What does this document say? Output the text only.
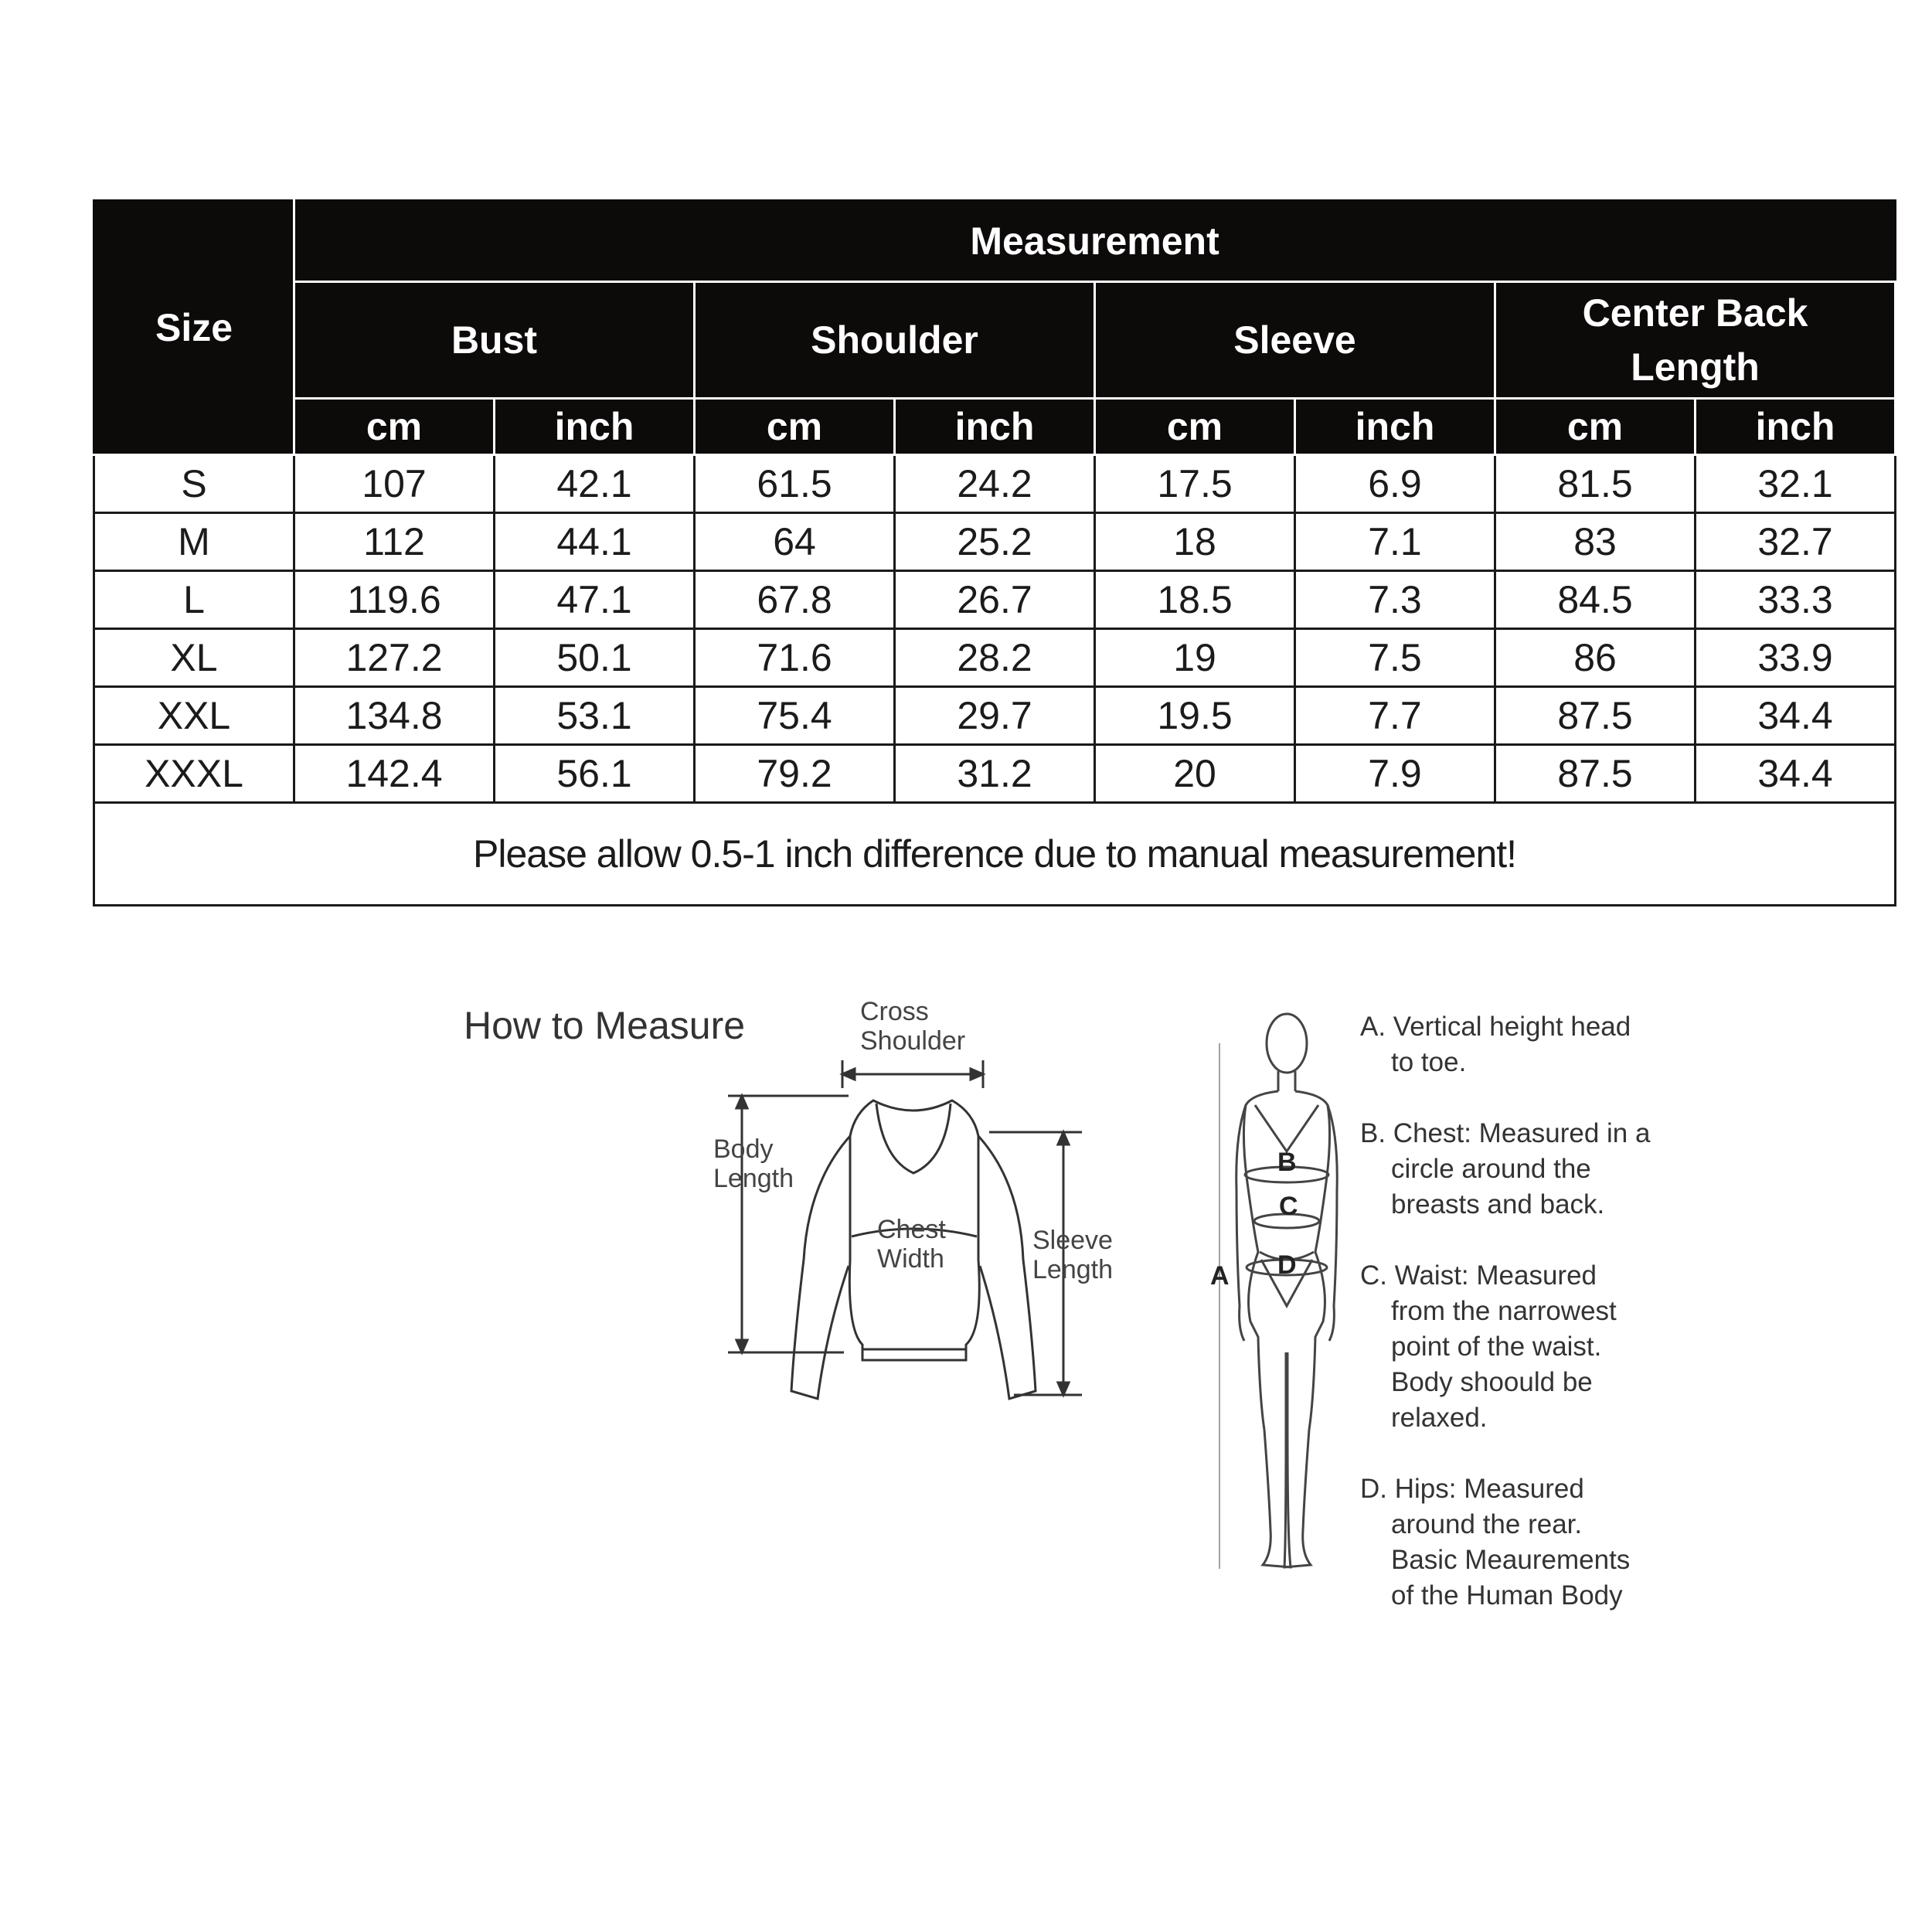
Size	Measurement							
	Bust		Shoulder		Sleeve		Center Back
Length	
	cm	inch	cm	inch	cm	inch	cm	inch
S	107	42.1	61.5	24.2	17.5	6.9	81.5	32.1
M	112	44.1	64	25.2	18	7.1	83	32.7
L	119.6	47.1	67.8	26.7	18.5	7.3	84.5	33.3
XL	127.2	50.1	71.6	28.2	19	7.5	86	33.9
XXL	134.8	53.1	75.4	29.7	19.5	7.7	87.5	34.4
XXXL	142.4	56.1	79.2	31.2	20	7.9	87.5	34.4
Please allow 0.5-1 inch difference due to manual measurement!								
How to Measure	Cross
Shoulder
Body
Length
Chest
Width
Sleeve
Length
B
C
D
A
A. Vertical height head
to toe.
B. Chest: Measured in a
circle around the
breasts and back.
C. Waist: Measured
from the narrowest
point of the waist.
Body shoould be
relaxed.
D. Hips: Measured
around the rear.
Basic Meaurements
of the Human Body
